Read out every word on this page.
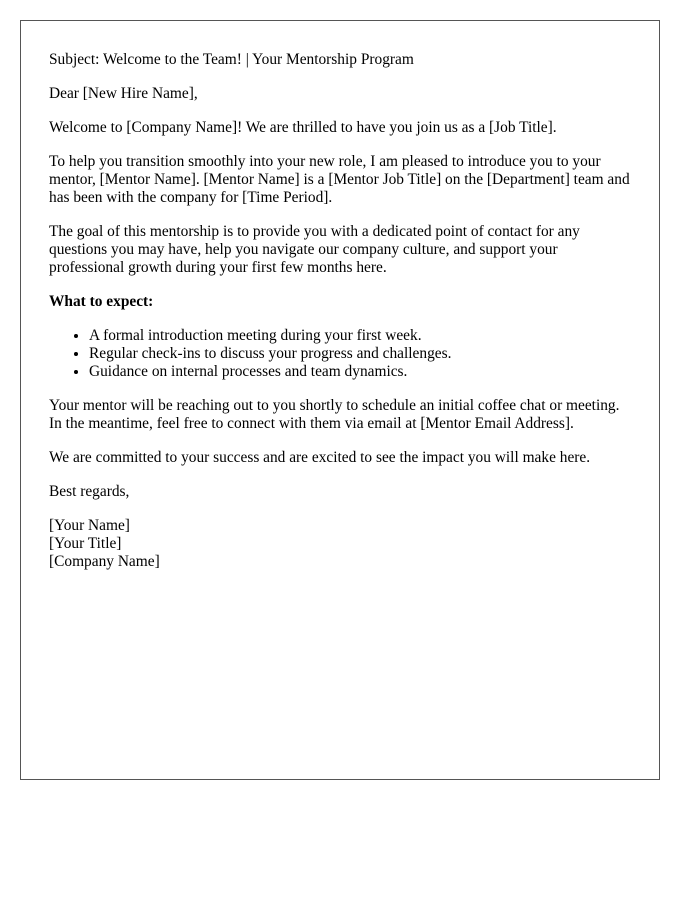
Subject: Welcome to the Team! | Your Mentorship Program

Dear [New Hire Name],

Welcome to [Company Name]! We are thrilled to have you join us as a [Job Title].

To help you transition smoothly into your new role, I am pleased to introduce you to your mentor, [Mentor Name]. [Mentor Name] is a [Mentor Job Title] on the [Department] team and has been with the company for [Time Period].

The goal of this mentorship is to provide you with a dedicated point of contact for any questions you may have, help you navigate our company culture, and support your professional growth during your first few months here.

What to expect:

• A formal introduction meeting during your first week.
• Regular check-ins to discuss your progress and challenges.
• Guidance on internal processes and team dynamics.

Your mentor will be reaching out to you shortly to schedule an initial coffee chat or meeting. In the meantime, feel free to connect with them via email at [Mentor Email Address].

We are committed to your success and are excited to see the impact you will make here.

Best regards,

[Your Name]
[Your Title]
[Company Name]
